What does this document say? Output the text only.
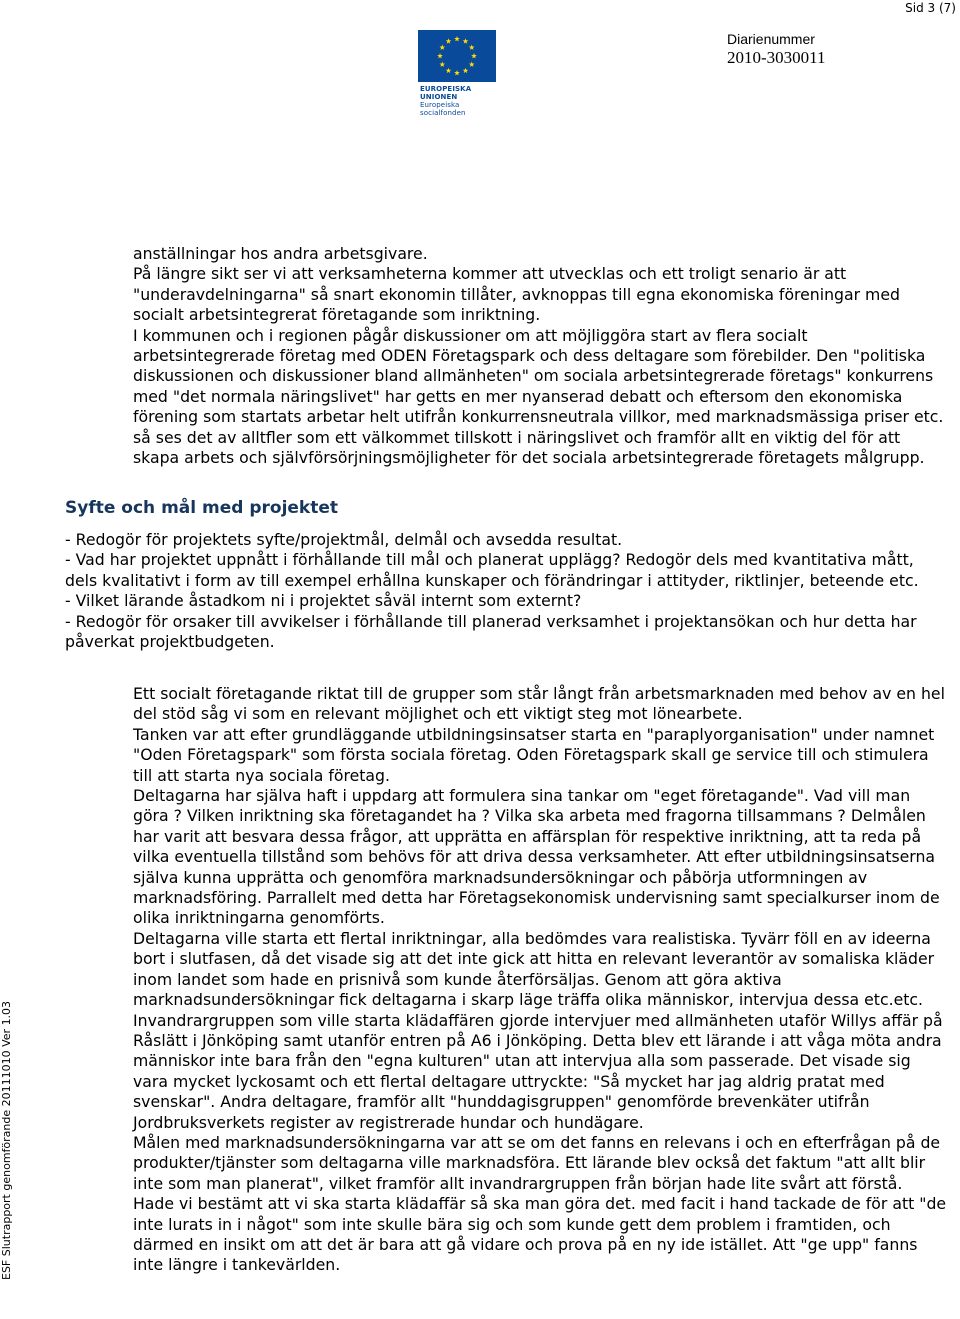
Sid 3 (7)
EUROPEISKA UNIONEN
Europeiska socialfonden
Diarienummer
2010-3030011
ESF Slutrapport genomförande 20111010 Ver 1.03

anställningar hos andra arbetsgivare.

På längre sikt ser vi att verksamheterna kommer att utvecklas och ett troligt senario är att "underavdelningarna" så snart ekonomin tillåter, avknoppas till egna ekonomiska föreningar med socialt arbetsintegrerat företagande som inriktning.

I kommunen och i regionen pågår diskussioner om att möjliggöra start av flera socialt arbetsintegrerade företag med ODEN Företagspark och dess deltagare som förebilder. Den "politiska diskussionen och diskussioner bland allmänheten" om sociala arbetsintegrerade företags" konkurrens med "det normala näringslivet" har getts en mer nyanserad debatt och eftersom den ekonomiska förening som startats arbetar helt utifrån konkurrensneutrala villkor, med marknadsmässiga priser etc. så ses det av alltfler som ett välkommet tillskott i näringslivet och framför allt en viktig del för att skapa arbets och självförsörjningsmöjligheter för det sociala arbetsintegrerade företagets målgrupp.

Syfte och mål med projektet

- Redogör för projektets syfte/projektmål, delmål och avsedda resultat.

- Vad har projektet uppnått i förhållande till mål och planerat upplägg? Redogör dels med kvantitativa mått, dels kvalitativt i form av till exempel erhållna kunskaper och förändringar i attityder, riktlinjer, beteende etc.

- Vilket lärande åstadkom ni i projektet såväl internt som externt?

- Redogör för orsaker till avvikelser i förhållande till planerad verksamhet i projektansökan och hur detta har påverkat projektbudgeten.

Ett socialt företagande riktat till de grupper som står långt från arbetsmarknaden med behov av en hel del stöd såg vi som en relevant möjlighet och ett viktigt steg mot lönearbete.

Tanken var att efter grundläggande utbildningsinsatser starta en "paraplyorganisation" under namnet "Oden Företagspark" som första sociala företag. Oden Företagspark skall ge service till och stimulera till att starta nya sociala företag.

Deltagarna har själva haft i uppdarg att formulera sina tankar om "eget företagande". Vad vill man göra ? Vilken inriktning ska företagandet ha ? Vilka ska arbeta med fragorna tillsammans ? Delmålen har varit att besvara dessa frågor, att upprätta en affärsplan för respektive inriktning, att ta reda på vilka eventuella tillstånd som behövs för att driva dessa verksamheter. Att efter utbildningsinsatserna själva kunna upprätta och genomföra marknadsundersökningar och påbörja utformningen av marknadsföring. Parrallelt med detta har Företagsekonomisk undervisning samt specialkurser inom de olika inriktningarna genomförts.

Deltagarna ville starta ett flertal inriktningar, alla bedömdes vara realistiska. Tyvärr föll en av ideerna bort i slutfasen, då det visade sig att det inte gick att hitta en relevant leverantör av somaliska kläder inom landet som hade en prisnivå som kunde återförsäljas. Genom att göra aktiva marknadsundersökningar fick deltagarna i skarp läge träffa olika människor, intervjua dessa etc.etc. Invandrargruppen som ville starta klädaffären gjorde intervjuer med allmänheten utaför Willys affär på Råslätt i Jönköping samt utanför entren på A6 i Jönköping. Detta blev ett lärande i att våga möta andra människor inte bara från den "egna kulturen" utan att intervjua alla som passerade. Det visade sig vara mycket lyckosamt och ett flertal deltagare uttryckte: "Så mycket har jag aldrig pratat med svenskar". Andra deltagare, framför allt "hunddagisgruppen" genomförde brevenkäter utifrån Jordbruksverkets register av registrerade hundar och hundägare.

Målen med marknadsundersökningarna var att se om det fanns en relevans i och en efterfrågan på de produkter/tjänster som deltagarna ville marknadsföra. Ett lärande blev också det faktum "att allt blir inte som man planerat", vilket framför allt invandrargruppen från början hade lite svårt att förstå. Hade vi bestämt att vi ska starta klädaffär så ska man göra det. med facit i hand tackade de för att "de inte lurats in i något" som inte skulle bära sig och som kunde gett dem problem i framtiden, och därmed en insikt om att det är bara att gå vidare och prova på en ny ide istället. Att "ge upp" fanns inte längre i tankevärlden.
